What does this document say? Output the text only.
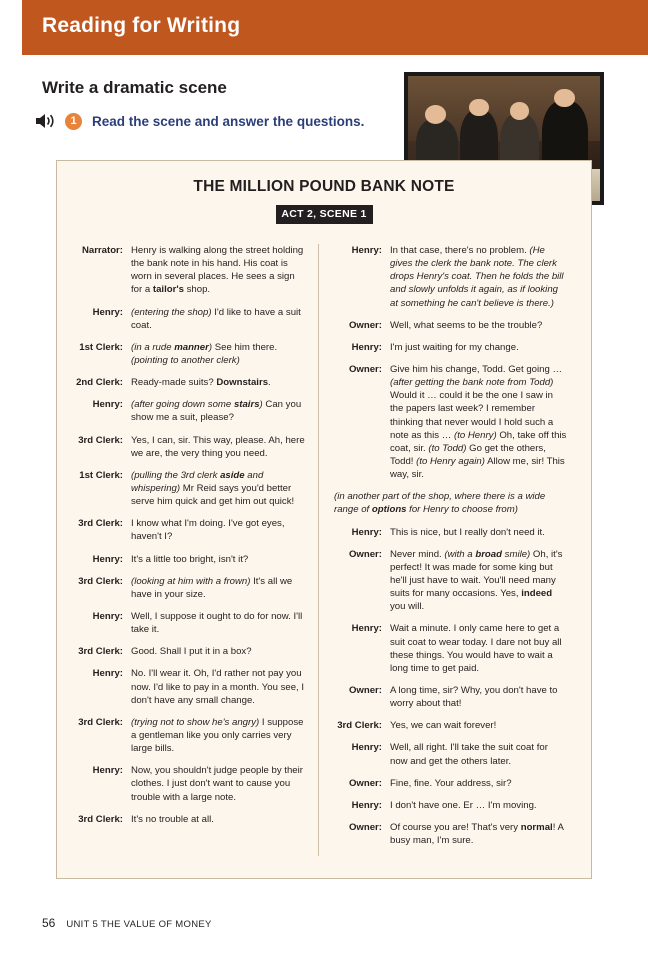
Reading for Writing
Write a dramatic scene
1	Read the scene and answer the questions.
THE MILLION POUND BANK NOTE
ACT 2, SCENE 1
Narrator: Henry is walking along the street holding the bank note in his hand. His coat is worn in several places. He sees a sign for a tailor's shop.
Henry: (entering the shop) I'd like to have a suit coat.
1st Clerk: (in a rude manner) See him there. (pointing to another clerk)
2nd Clerk: Ready-made suits? Downstairs.
Henry: (after going down some stairs) Can you show me a suit, please?
3rd Clerk: Yes, I can, sir. This way, please. Ah, here we are, the very thing you need.
1st Clerk: (pulling the 3rd clerk aside and whispering) Mr Reid says you'd better serve him quick and get him out quick!
3rd Clerk: I know what I'm doing. I've got eyes, haven't I?
Henry: It's a little too bright, isn't it?
3rd Clerk: (looking at him with a frown) It's all we have in your size.
Henry: Well, I suppose it ought to do for now. I'll take it.
3rd Clerk: Good. Shall I put it in a box?
Henry: No. I'll wear it. Oh, I'd rather not pay you now. I'd like to pay in a month. You see, I don't have any small change.
3rd Clerk: (trying not to show he's angry) I suppose a gentleman like you only carries very large bills.
Henry: Now, you shouldn't judge people by their clothes. I just don't want to cause you trouble with a large note.
3rd Clerk: It's no trouble at all.
Henry: In that case, there's no problem. (He gives the clerk the bank note. The clerk drops Henry's coat. Then he folds the bill and slowly unfolds it again, as if looking at something he can't believe is there.)
Owner: Well, what seems to be the trouble?
Henry: I'm just waiting for my change.
Owner: Give him his change, Todd. Get going … (after getting the bank note from Todd) Would it … could it be the one I saw in the papers last week? I remember thinking that never would I hold such a note as this … (to Henry) Oh, take off this coat, sir. (to Todd) Go get the others, Todd! (to Henry again) Allow me, sir! This way, sir.
(in another part of the shop, where there is a wide range of options for Henry to choose from)
Henry: This is nice, but I really don't need it.
Owner: Never mind. (with a broad smile) Oh, it's perfect! It was made for some king but he'll just have to wait. You'll need many suits for many occasions. Yes, indeed you will.
Henry: Wait a minute. I only came here to get a suit coat to wear today. I dare not buy all these things. You would have to wait a long time to get paid.
Owner: A long time, sir? Why, you don't have to worry about that!
3rd Clerk: Yes, we can wait forever!
Henry: Well, all right. I'll take the suit coat for now and get the others later.
Owner: Fine, fine. Your address, sir?
Henry: I don't have one. Er … I'm moving.
Owner: Of course you are! That's very normal! A busy man, I'm sure.
56 UNIT 5 THE VALUE OF MONEY
